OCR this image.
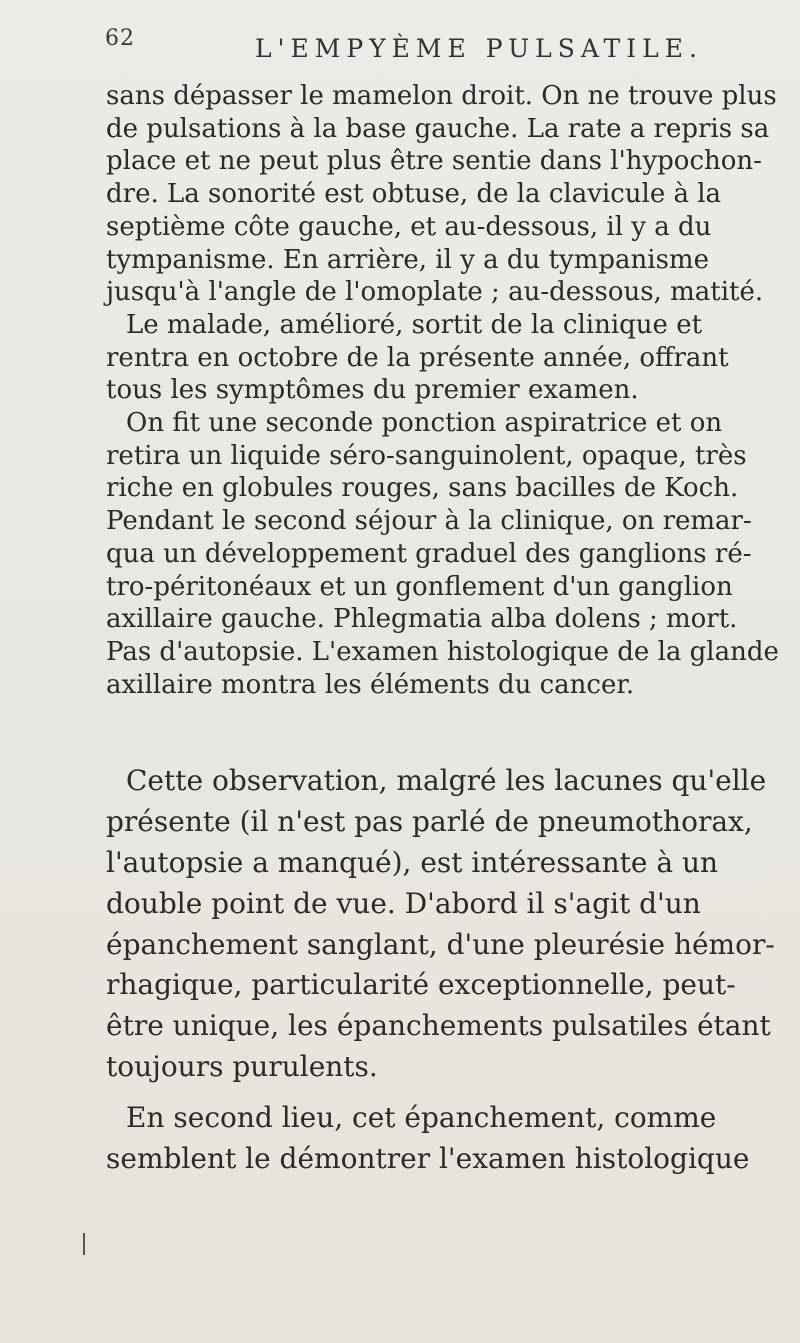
62	L'EMPYÈME PULSATILE.
sans dépasser le mamelon droit. On ne trouve plus
de pulsations à la base gauche. La rate a repris sa
place et ne peut plus être sentie dans l'hypochon-
dre. La sonorité est obtuse, de la clavicule à la
septième côte gauche, et au-dessous, il y a du
tympanisme. En arrière, il y a du tympanisme
jusqu'à l'angle de l'omoplate ; au-dessous, matité.
Le malade, amélioré, sortit de la clinique et
rentra en octobre de la présente année, offrant
tous les symptômes du premier examen.
On fit une seconde ponction aspiratrice et on
retira un liquide séro-sanguinolent, opaque, très
riche en globules rouges, sans bacilles de Koch.
Pendant le second séjour à la clinique, on remar-
qua un développement graduel des ganglions ré-
tro-péritonéaux et un gonflement d'un ganglion
axillaire gauche. Phlegmatia alba dolens ; mort.
Pas d'autopsie. L'examen histologique de la glande
axillaire montra les éléments du cancer.
Cette observation, malgré les lacunes qu'elle
présente (il n'est pas parlé de pneumothorax,
l'autopsie a manqué), est intéressante à un
double point de vue. D'abord il s'agit d'un
épanchement sanglant, d'une pleurésie hémor-
rhagique, particularité exceptionnelle, peut-
être unique, les épanchements pulsatiles étant
toujours purulents.
En second lieu, cet épanchement, comme
semblent le démontrer l'examen histologique
